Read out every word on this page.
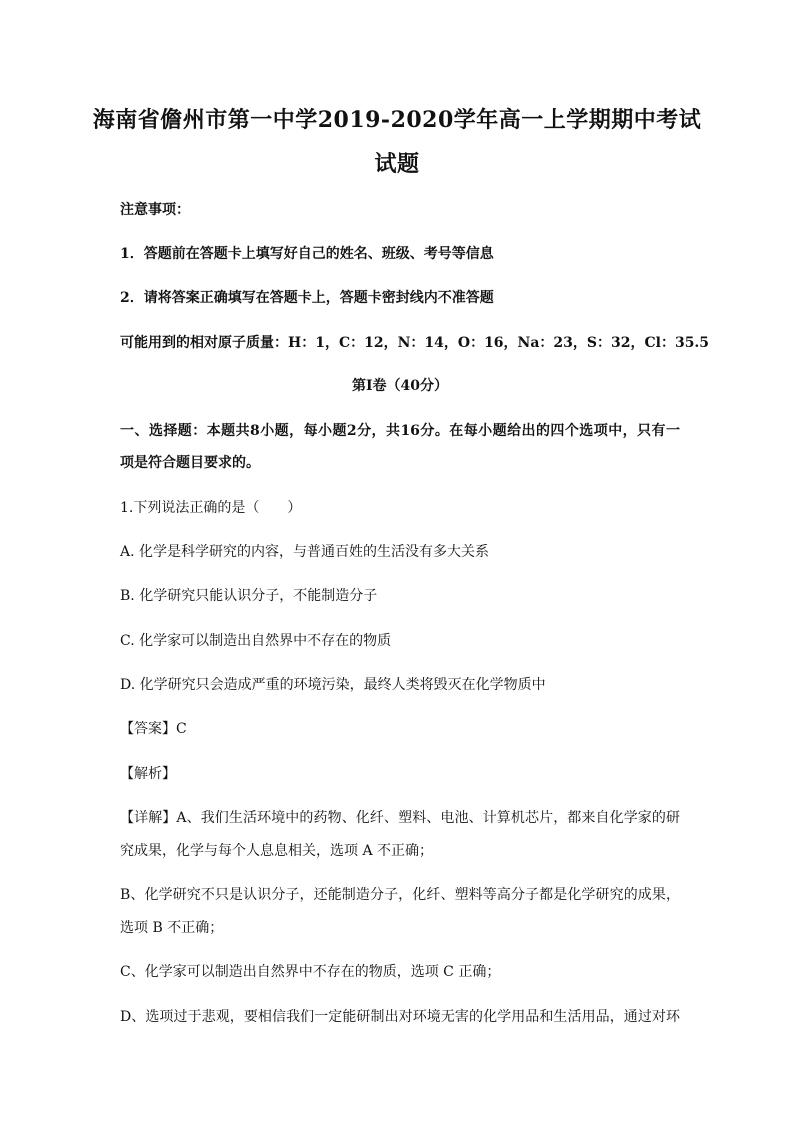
海南省儋州市第一中学2019-2020学年高一上学期期中考试
试题
注意事项：
1．答题前在答题卡上填写好自己的姓名、班级、考号等信息
2．请将答案正确填写在答题卡上，答题卡密封线内不准答题
可能用到的相对原子质量：H：1，C：12，N：14，O：16，Na：23，S：32，Cl：35.5
第Ⅰ卷（40分）
一、选择题：本题共8小题，每小题2分，共16分。在每小题给出的四个选项中，只有一
项是符合题目要求的。
1.下列说法正确的是（　　）
A. 化学是科学研究的内容，与普通百姓的生活没有多大关系
B. 化学研究只能认识分子，不能制造分子
C. 化学家可以制造出自然界中不存在的物质
D. 化学研究只会造成严重的环境污染，最终人类将毁灭在化学物质中
【答案】C
【解析】
【详解】A、我们生活环境中的药物、化纤、塑料、电池、计算机芯片，都来自化学家的研
究成果，化学与每个人息息相关，选项 A 不正确；
B、化学研究不只是认识分子，还能制造分子，化纤、塑料等高分子都是化学研究的成果，
选项 B 不正确；
C、化学家可以制造出自然界中不存在的物质，选项 C 正确；
D、选项过于悲观，要相信我们一定能研制出对环境无害的化学用品和生活用品，通过对环
